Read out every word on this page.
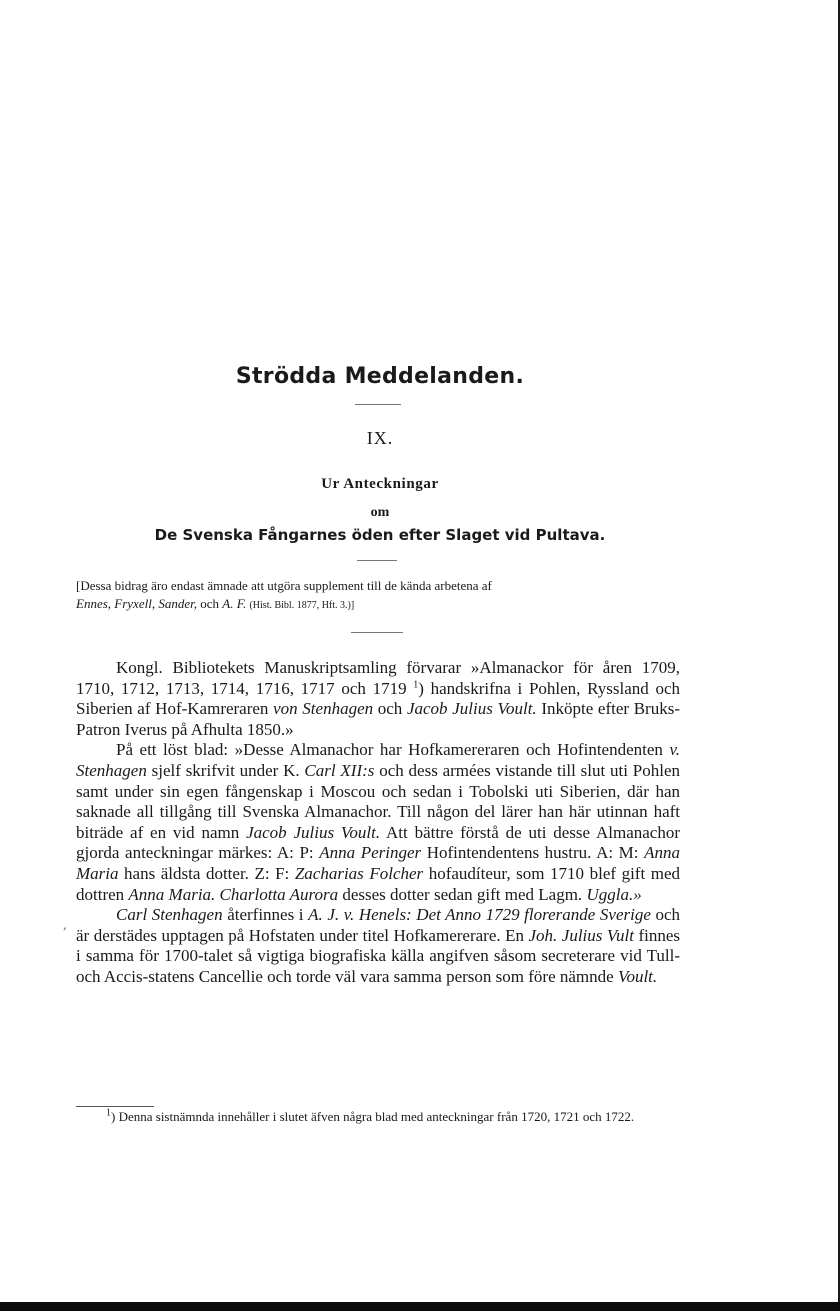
Strödda Meddelanden.
IX.
Ur Anteckningar
om
De Svenska Fångarnes öden efter Slaget vid Pultava.
[Dessa bidrag äro endast ämnade att utgöra supplement till de kända arbetena af
Ennes, Fryxell, Sander, och A. F. (Hist. Bibl. 1877, Hft. 3.)]

Kongl. Bibliotekets Manuskriptsamling förvarar »Almanackor för åren 1709, 1710, 1712, 1713, 1714, 1716, 1717 och 1719 $^1$) handskrifna i Pohlen, Ryssland och Siberien af Hof-Kamreraren von Stenhagen och Jacob Julius Voult. Inköpte efter Bruks-Patron Iverus på Afhulta 1850.»

På ett löst blad: »Desse Almanachor har Hofkamereraren och Hofintendenten v. Stenhagen sjelf skrifvit under K. Carl XII:s och dess armées vistande till slut uti Pohlen samt under sin egen fångenskap i Moscou och sedan i Tobolski uti Siberien, där han saknade all tillgång till Svenska Almanachor. Till någon del lärer han här utinnan haft biträde af en vid namn Jacob Julius Voult. Att bättre förstå de uti desse Almanachor gjorda anteckningar märkes: A: P: Anna Peringer Hofintendentens hustru. A: M: Anna Maria hans äldsta dotter. Z: F: Zacharias Folcher hofaudíteur, som 1710 blef gift med dottren Anna Maria. Charlotta Aurora desses dotter sedan gift med Lagm. Uggla.»

Carl Stenhagen återfinnes i A. J. v. Henels: Det Anno 1729 florerande Sverige och är derstädes upptagen på Hofstaten under titel Hofkamererare. En Joh. Julius Vult finnes i samma för 1700-talet så vigtiga biografiska källa angifven såsom secreterare vid Tull- och Accis-statens Cancellie och torde väl vara samma person som före nämnde Voult.

,
$^1$) Denna sistnämnda innehåller i slutet äfven några blad med anteckningar från 1720, 1721 och 1722.
